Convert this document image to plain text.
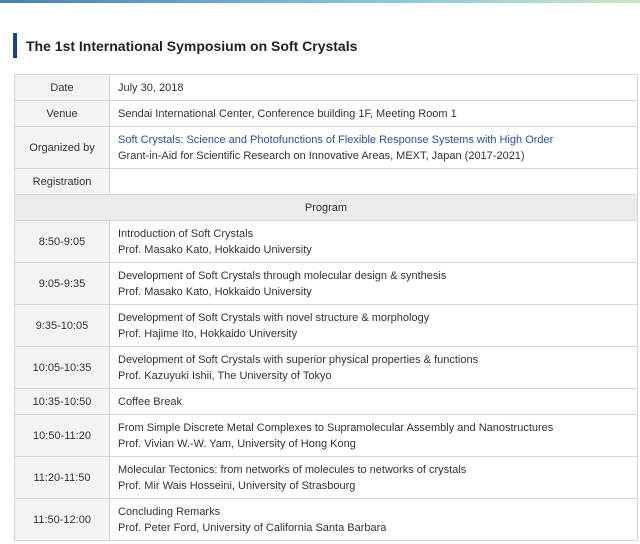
The 1st International Symposium on Soft Crystals
Date	July 30, 2018
Venue	Sendai International Center, Conference building 1F, Meeting Room 1
Organized by	Soft Crystals: Science and Photofunctions of Flexible Response Systems with High Order
Grant-in-Aid for Scientific Research on Innovative Areas, MEXT, Japan (2017-2021)

Registration	
Program	
8:50-9:05	Introduction of Soft Crystals
Prof. Masako Kato, Hokkaido University

9:05-9:35	Development of Soft Crystals through molecular design & synthesis
Prof. Masako Kato, Hokkaido University

9:35-10:05	Development of Soft Crystals with novel structure & morphology
Prof. Hajime Ito, Hokkaido University

10:05-10:35	Development of Soft Crystals with superior physical properties & functions
Prof. Kazuyuki Ishii, The University of Tokyo

10:35-10:50	Coffee Break

10:50-11:20	From Simple Discrete Metal Complexes to Supramolecular Assembly and Nanostructures
Prof. Vivian W.-W. Yam, University of Hong Kong

11:20-11:50	Molecular Tectonics: from networks of molecules to networks of crystals
Prof. Mir Wais Hosseini, University of Strasbourg

11:50-12:00	Concluding Remarks
Prof. Peter Ford, University of California Santa Barbara
